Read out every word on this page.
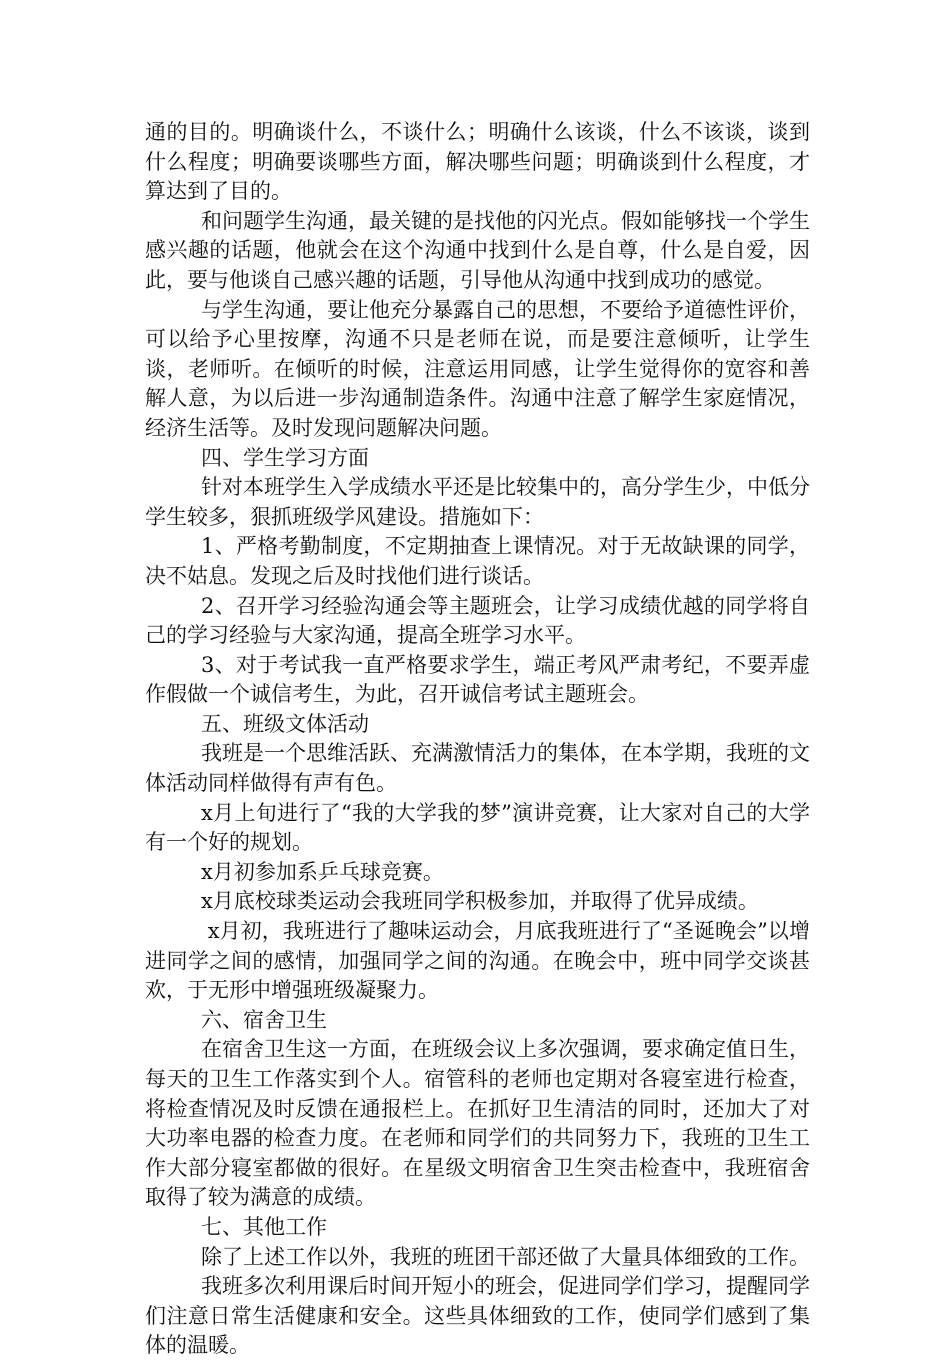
通的目的。明确谈什么，不谈什么；明确什么该谈，什么不该谈，谈到什么程度；明确要谈哪些方面，解决哪些问题；明确谈到什么程度，才算达到了目的。

和问题学生沟通，最关键的是找他的闪光点。假如能够找一个学生感兴趣的话题，他就会在这个沟通中找到什么是自尊，什么是自爱，因此，要与他谈自己感兴趣的话题，引导他从沟通中找到成功的感觉。

与学生沟通，要让他充分暴露自己的思想，不要给予道德性评价，可以给予心里按摩，沟通不只是老师在说，而是要注意倾听，让学生谈，老师听。在倾听的时候，注意运用同感，让学生觉得你的宽容和善解人意，为以后进一步沟通制造条件。沟通中注意了解学生家庭情况，经济生活等。及时发现问题解决问题。

四、学生学习方面

针对本班学生入学成绩水平还是比较集中的，高分学生少，中低分学生较多，狠抓班级学风建设。措施如下：

1、严格考勤制度，不定期抽查上课情况。对于无故缺课的同学，决不姑息。发现之后及时找他们进行谈话。

2、召开学习经验沟通会等主题班会，让学习成绩优越的同学将自己的学习经验与大家沟通，提高全班学习水平。

3、对于考试我一直严格要求学生，端正考风严肃考纪，不要弄虚作假做一个诚信考生，为此，召开诚信考试主题班会。

五、班级文体活动

我班是一个思维活跃、充满激情活力的集体，在本学期，我班的文体活动同样做得有声有色。

x月上旬进行了“我的大学我的梦”演讲竞赛，让大家对自己的大学有一个好的规划。

x月初参加系乒乓球竞赛。

x月底校球类运动会我班同学积极参加，并取得了优异成绩。

x月初，我班进行了趣味运动会，月底我班进行了“圣诞晚会”以增进同学之间的感情，加强同学之间的沟通。在晚会中，班中同学交谈甚欢，于无形中增强班级凝聚力。

六、宿舍卫生

在宿舍卫生这一方面，在班级会议上多次强调，要求确定值日生，每天的卫生工作落实到个人。宿管科的老师也定期对各寝室进行检查，将检查情况及时反馈在通报栏上。在抓好卫生清洁的同时，还加大了对大功率电器的检查力度。在老师和同学们的共同努力下，我班的卫生工作大部分寝室都做的很好。在星级文明宿舍卫生突击检查中，我班宿舍取得了较为满意的成绩。

七、其他工作

除了上述工作以外，我班的班团干部还做了大量具体细致的工作。

我班多次利用课后时间开短小的班会，促进同学们学习，提醒同学们注意日常生活健康和安全。这些具体细致的工作，使同学们感到了集体的温暖。
